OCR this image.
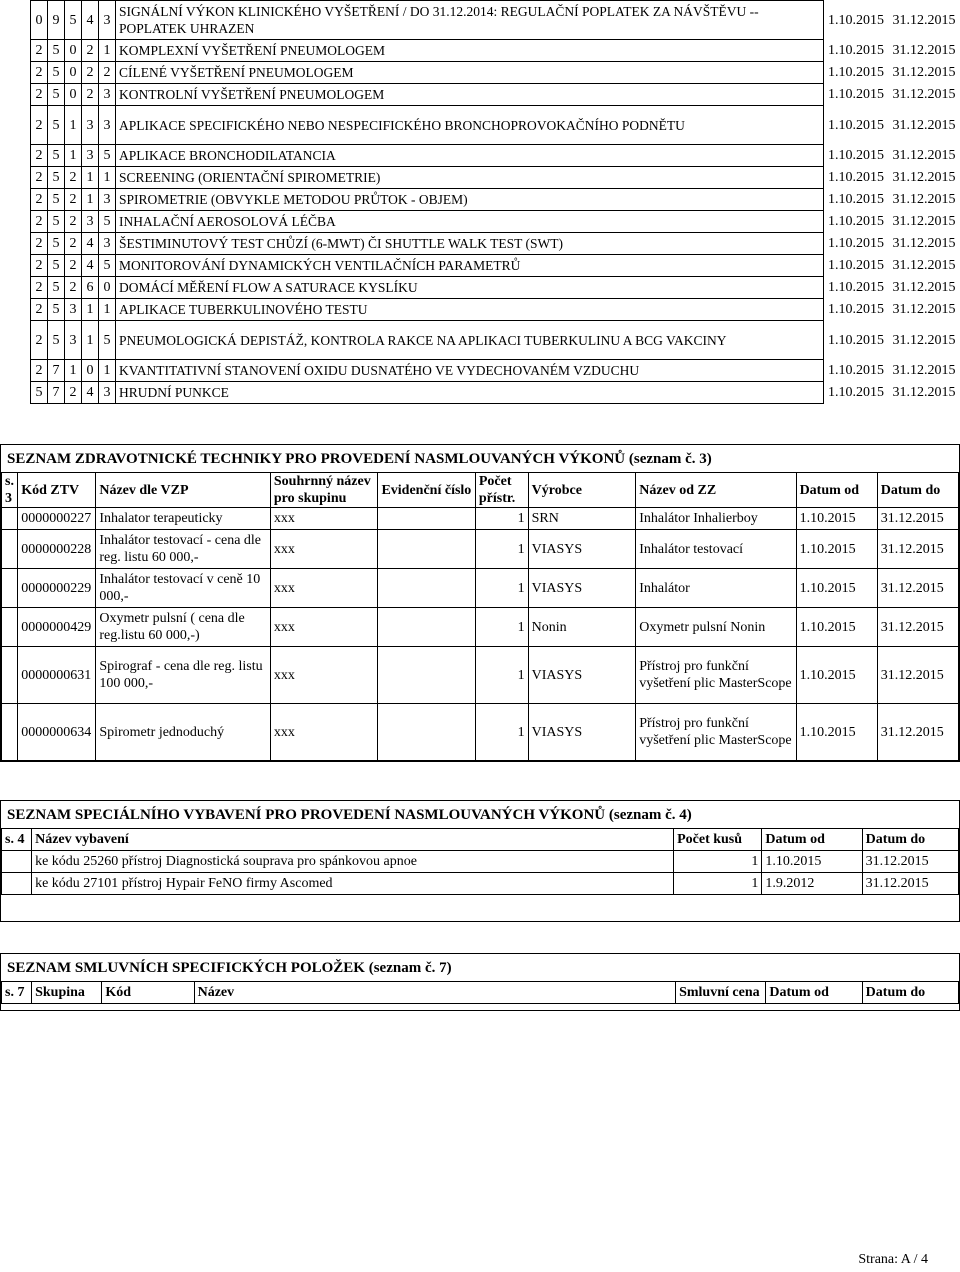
0	9	5	4	3	SIGNÁLNÍ VÝKON KLINICKÉHO VYŠETŘENÍ / DO 31.12.2014: REGULAČNÍ POPLATEK ZA NÁVŠTĚVU -- POPLATEK UHRAZEN	1.10.2015	31.12.2015
2	5	0	2	1	KOMPLEXNÍ VYŠETŘENÍ PNEUMOLOGEM	1.10.2015	31.12.2015
2	5	0	2	2	CÍLENÉ VYŠETŘENÍ PNEUMOLOGEM	1.10.2015	31.12.2015
2	5	0	2	3	KONTROLNÍ VYŠETŘENÍ PNEUMOLOGEM	1.10.2015	31.12.2015
2	5	1	3	3	APLIKACE SPECIFICKÉHO NEBO NESPECIFICKÉHO BRONCHOPROVOKAČNÍHO PODNĚTU	1.10.2015	31.12.2015
2	5	1	3	5	APLIKACE BRONCHODILATANCIA	1.10.2015	31.12.2015
2	5	2	1	1	SCREENING (ORIENTAČNÍ SPIROMETRIE)	1.10.2015	31.12.2015
2	5	2	1	3	SPIROMETRIE (OBVYKLE METODOU PRŮTOK - OBJEM)	1.10.2015	31.12.2015
2	5	2	3	5	INHALAČNÍ AEROSOLOVÁ LÉČBA	1.10.2015	31.12.2015
2	5	2	4	3	ŠESTIMINUTOVÝ TEST CHŮZÍ (6-MWT) ČI SHUTTLE WALK TEST (SWT)	1.10.2015	31.12.2015
2	5	2	4	5	MONITOROVÁNÍ DYNAMICKÝCH VENTILAČNÍCH PARAMETRŮ	1.10.2015	31.12.2015
2	5	2	6	0	DOMÁCÍ MĚŘENÍ FLOW A SATURACE KYSLÍKU	1.10.2015	31.12.2015
2	5	3	1	1	APLIKACE TUBERKULINOVÉHO TESTU	1.10.2015	31.12.2015
2	5	3	1	5	PNEUMOLOGICKÁ DEPISTÁŽ, KONTROLA RAKCE NA APLIKACI TUBERKULINU A BCG VAKCINY	1.10.2015	31.12.2015
2	7	1	0	1	KVANTITATIVNÍ STANOVENÍ OXIDU DUSNATÉHO VE VYDECHOVANÉM VZDUCHU	1.10.2015	31.12.2015
5	7	2	4	3	HRUDNÍ PUNKCE	1.10.2015	31.12.2015
SEZNAM ZDRAVOTNICKÉ TECHNIKY PRO PROVEDENÍ NASMLOUVANÝCH VÝKONŮ (seznam č. 3)
s. 3	Kód ZTV	Název dle VZP	Souhrnný název pro skupinu	Evidenční číslo	Počet přístr.	Výrobce	Název od ZZ	Datum od	Datum do
	0000000227	Inhalator terapeuticky	xxx		1	SRN	Inhalátor Inhalierboy	1.10.2015	31.12.2015
	0000000228	Inhalátor testovací - cena dle reg. listu 60 000,-	xxx		1	VIASYS	Inhalátor testovací	1.10.2015	31.12.2015
	0000000229	Inhalátor testovací v ceně 10 000,-	xxx		1	VIASYS	Inhalátor	1.10.2015	31.12.2015
	0000000429	Oxymetr pulsní ( cena dle reg.listu 60 000,-)	xxx		1	Nonin	Oxymetr pulsní Nonin	1.10.2015	31.12.2015
	0000000631	Spirograf - cena dle reg. listu 100 000,-	xxx		1	VIASYS	Přístroj pro funkční vyšetření plic MasterScope	1.10.2015	31.12.2015
	0000000634	Spirometr jednoduchý	xxx		1	VIASYS	Přístroj pro funkční vyšetření plic MasterScope	1.10.2015	31.12.2015
SEZNAM SPECIÁLNÍHO VYBAVENÍ PRO PROVEDENÍ NASMLOUVANÝCH VÝKONŮ (seznam č. 4)
s. 4	Název vybavení	Počet kusů	Datum od	Datum do
	ke kódu 25260 přístroj Diagnostická souprava pro spánkovou apnoe	1	1.10.2015	31.12.2015
	ke kódu 27101 přístroj Hypair FeNO firmy Ascomed	1	1.9.2012	31.12.2015
SEZNAM SMLUVNÍCH SPECIFICKÝCH POLOŽEK (seznam č. 7)
s. 7	Skupina	Kód	Název	Smluvní cena	Datum od	Datum do
Strana: A / 4
